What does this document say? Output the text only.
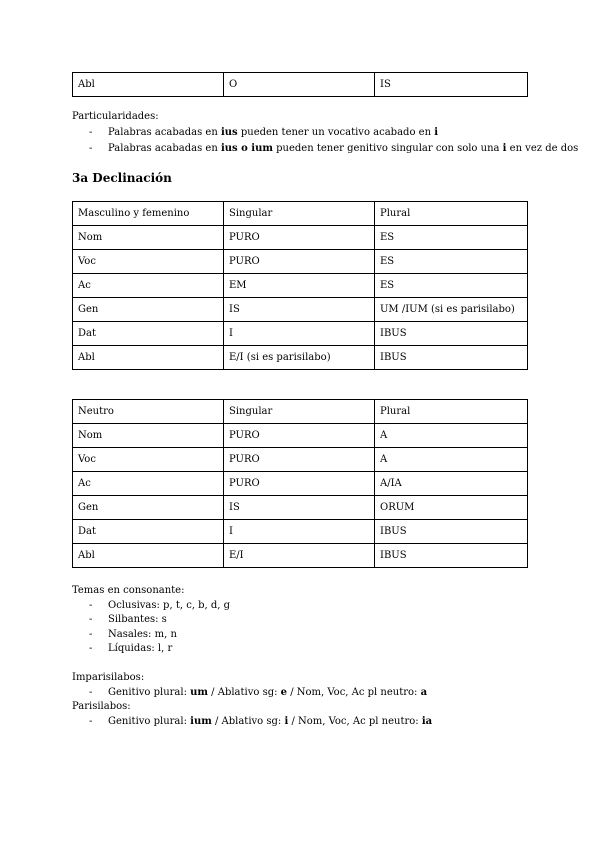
Abl	O	IS
Particularidades:
- Palabras acabadas en ius pueden tener un vocativo acabado en i
- Palabras acabadas en ius o ium pueden tener genitivo singular con solo una i en vez de dos
3a Declinación
Masculino y femenino	Singular	Plural
Nom	PURO	ES
Voc	PURO	ES
Ac	EM	ES
Gen	IS	UM /IUM (si es parisilabo)
Dat	I	IBUS
Abl	E/I (si es parisilabo)	IBUS
Neutro	Singular	Plural
Nom	PURO	A
Voc	PURO	A
Ac	PURO	A/IA
Gen	IS	ORUM
Dat	I	IBUS
Abl	E/I	IBUS
Temas en consonante:
- Oclusivas: p, t, c, b, d, g
- Silbantes: s
- Nasales: m, n
- Líquidas: l, r
Imparisilabos:
- Genitivo plural: um / Ablativo sg: e / Nom, Voc, Ac pl neutro: a
Parisilabos:
- Genitivo plural: ium / Ablativo sg: i / Nom, Voc, Ac pl neutro: ia
